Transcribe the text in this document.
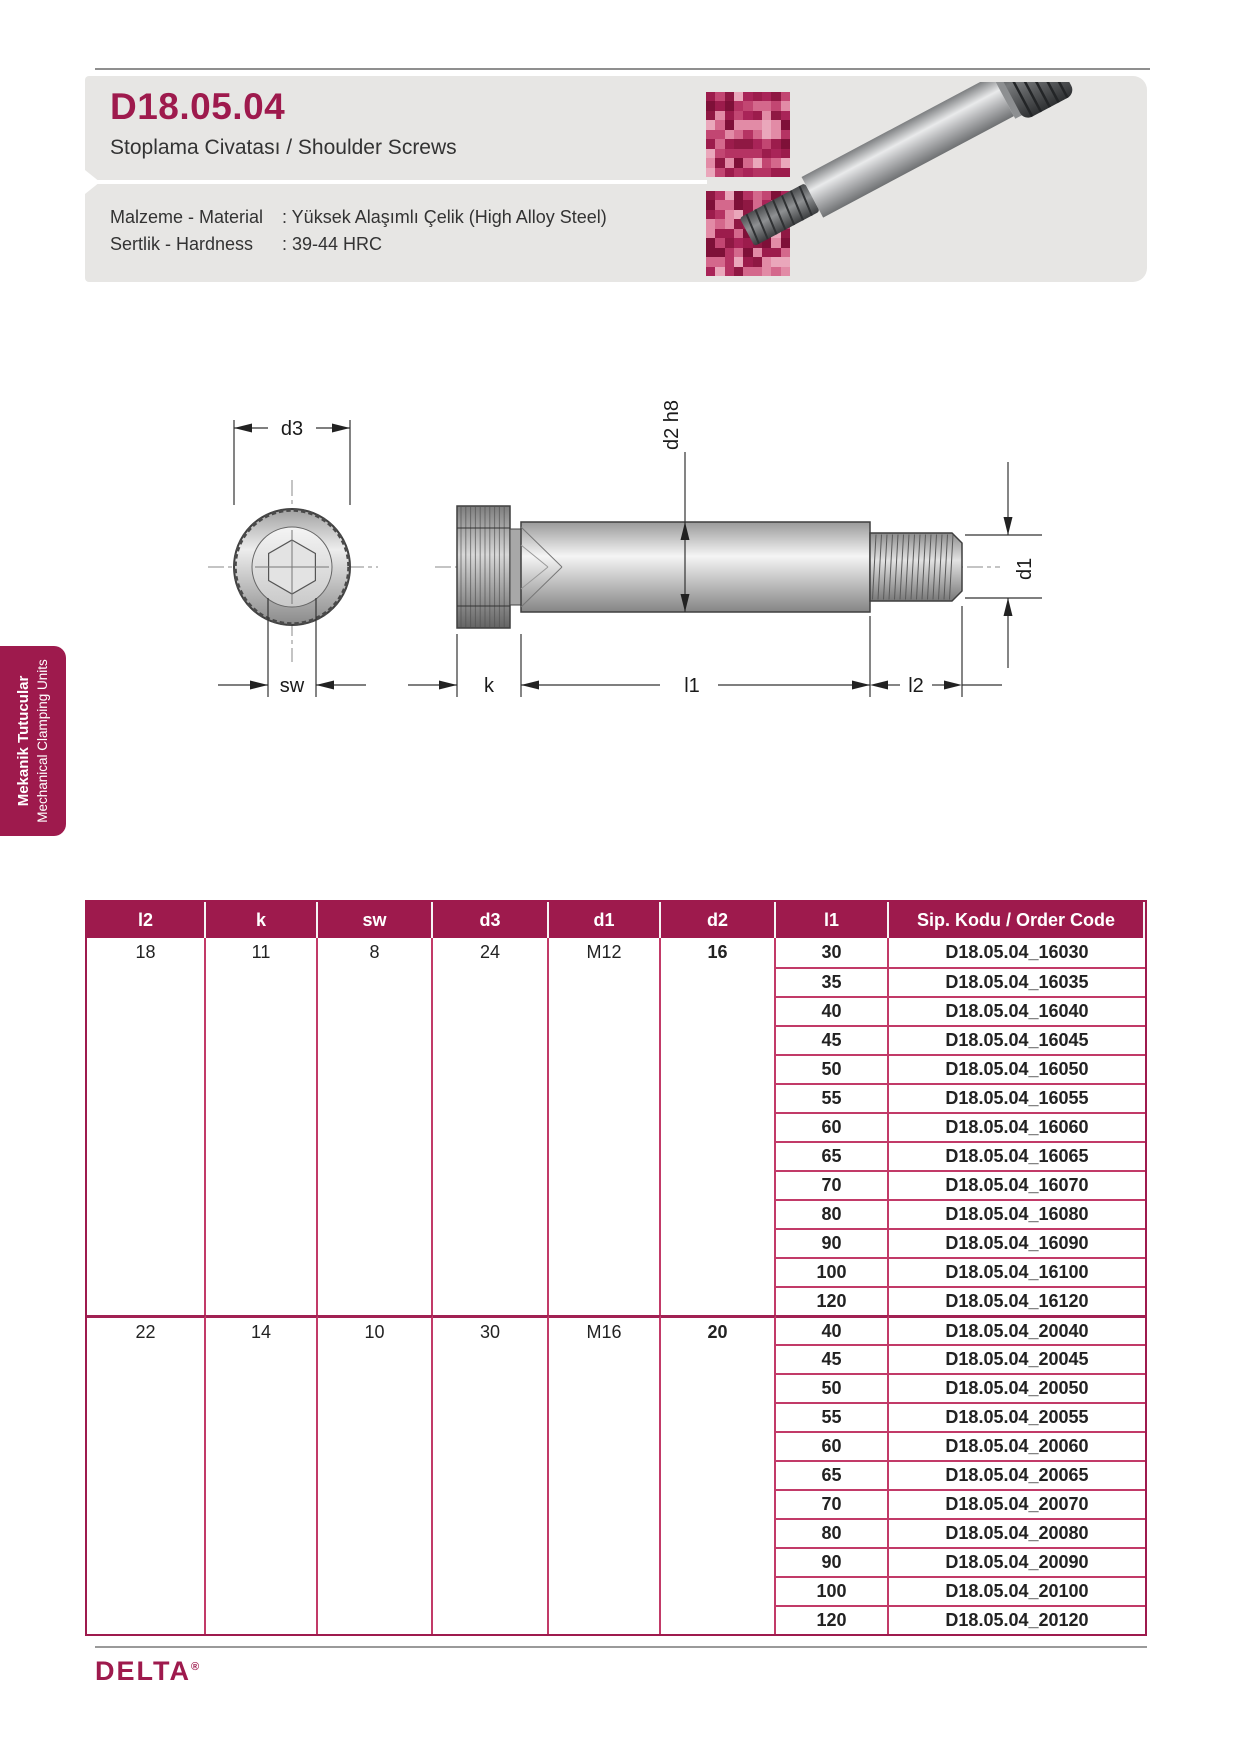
D18.05.04
Stoplama Civatası / Shoulder Screws
Malzeme - Material	: Yüksek Alaşımlı Çelik (High Alloy Steel)
Sertlik - Hardness	: 39-44 HRC
Mekanik Tutucular Mechanical Clamping Units
d3
sw
d2 h8
d1
k	l1	l2
l2	k	sw	d3	d1	d2	l1	Sip. Kodu / Order Code
18	11	8	24	M12	16	30	D18.05.04_16030
35	D18.05.04_16035
40	D18.05.04_16040
45	D18.05.04_16045
50	D18.05.04_16050
55	D18.05.04_16055
60	D18.05.04_16060
65	D18.05.04_16065
70	D18.05.04_16070
80	D18.05.04_16080
90	D18.05.04_16090
100	D18.05.04_16100
120	D18.05.04_16120
22	14	10	30	M16	20	40	D18.05.04_20040
45	D18.05.04_20045
50	D18.05.04_20050
55	D18.05.04_20055
60	D18.05.04_20060
65	D18.05.04_20065
70	D18.05.04_20070
80	D18.05.04_20080
90	D18.05.04_20090
100	D18.05.04_20100
120	D18.05.04_20120
DELTA®
